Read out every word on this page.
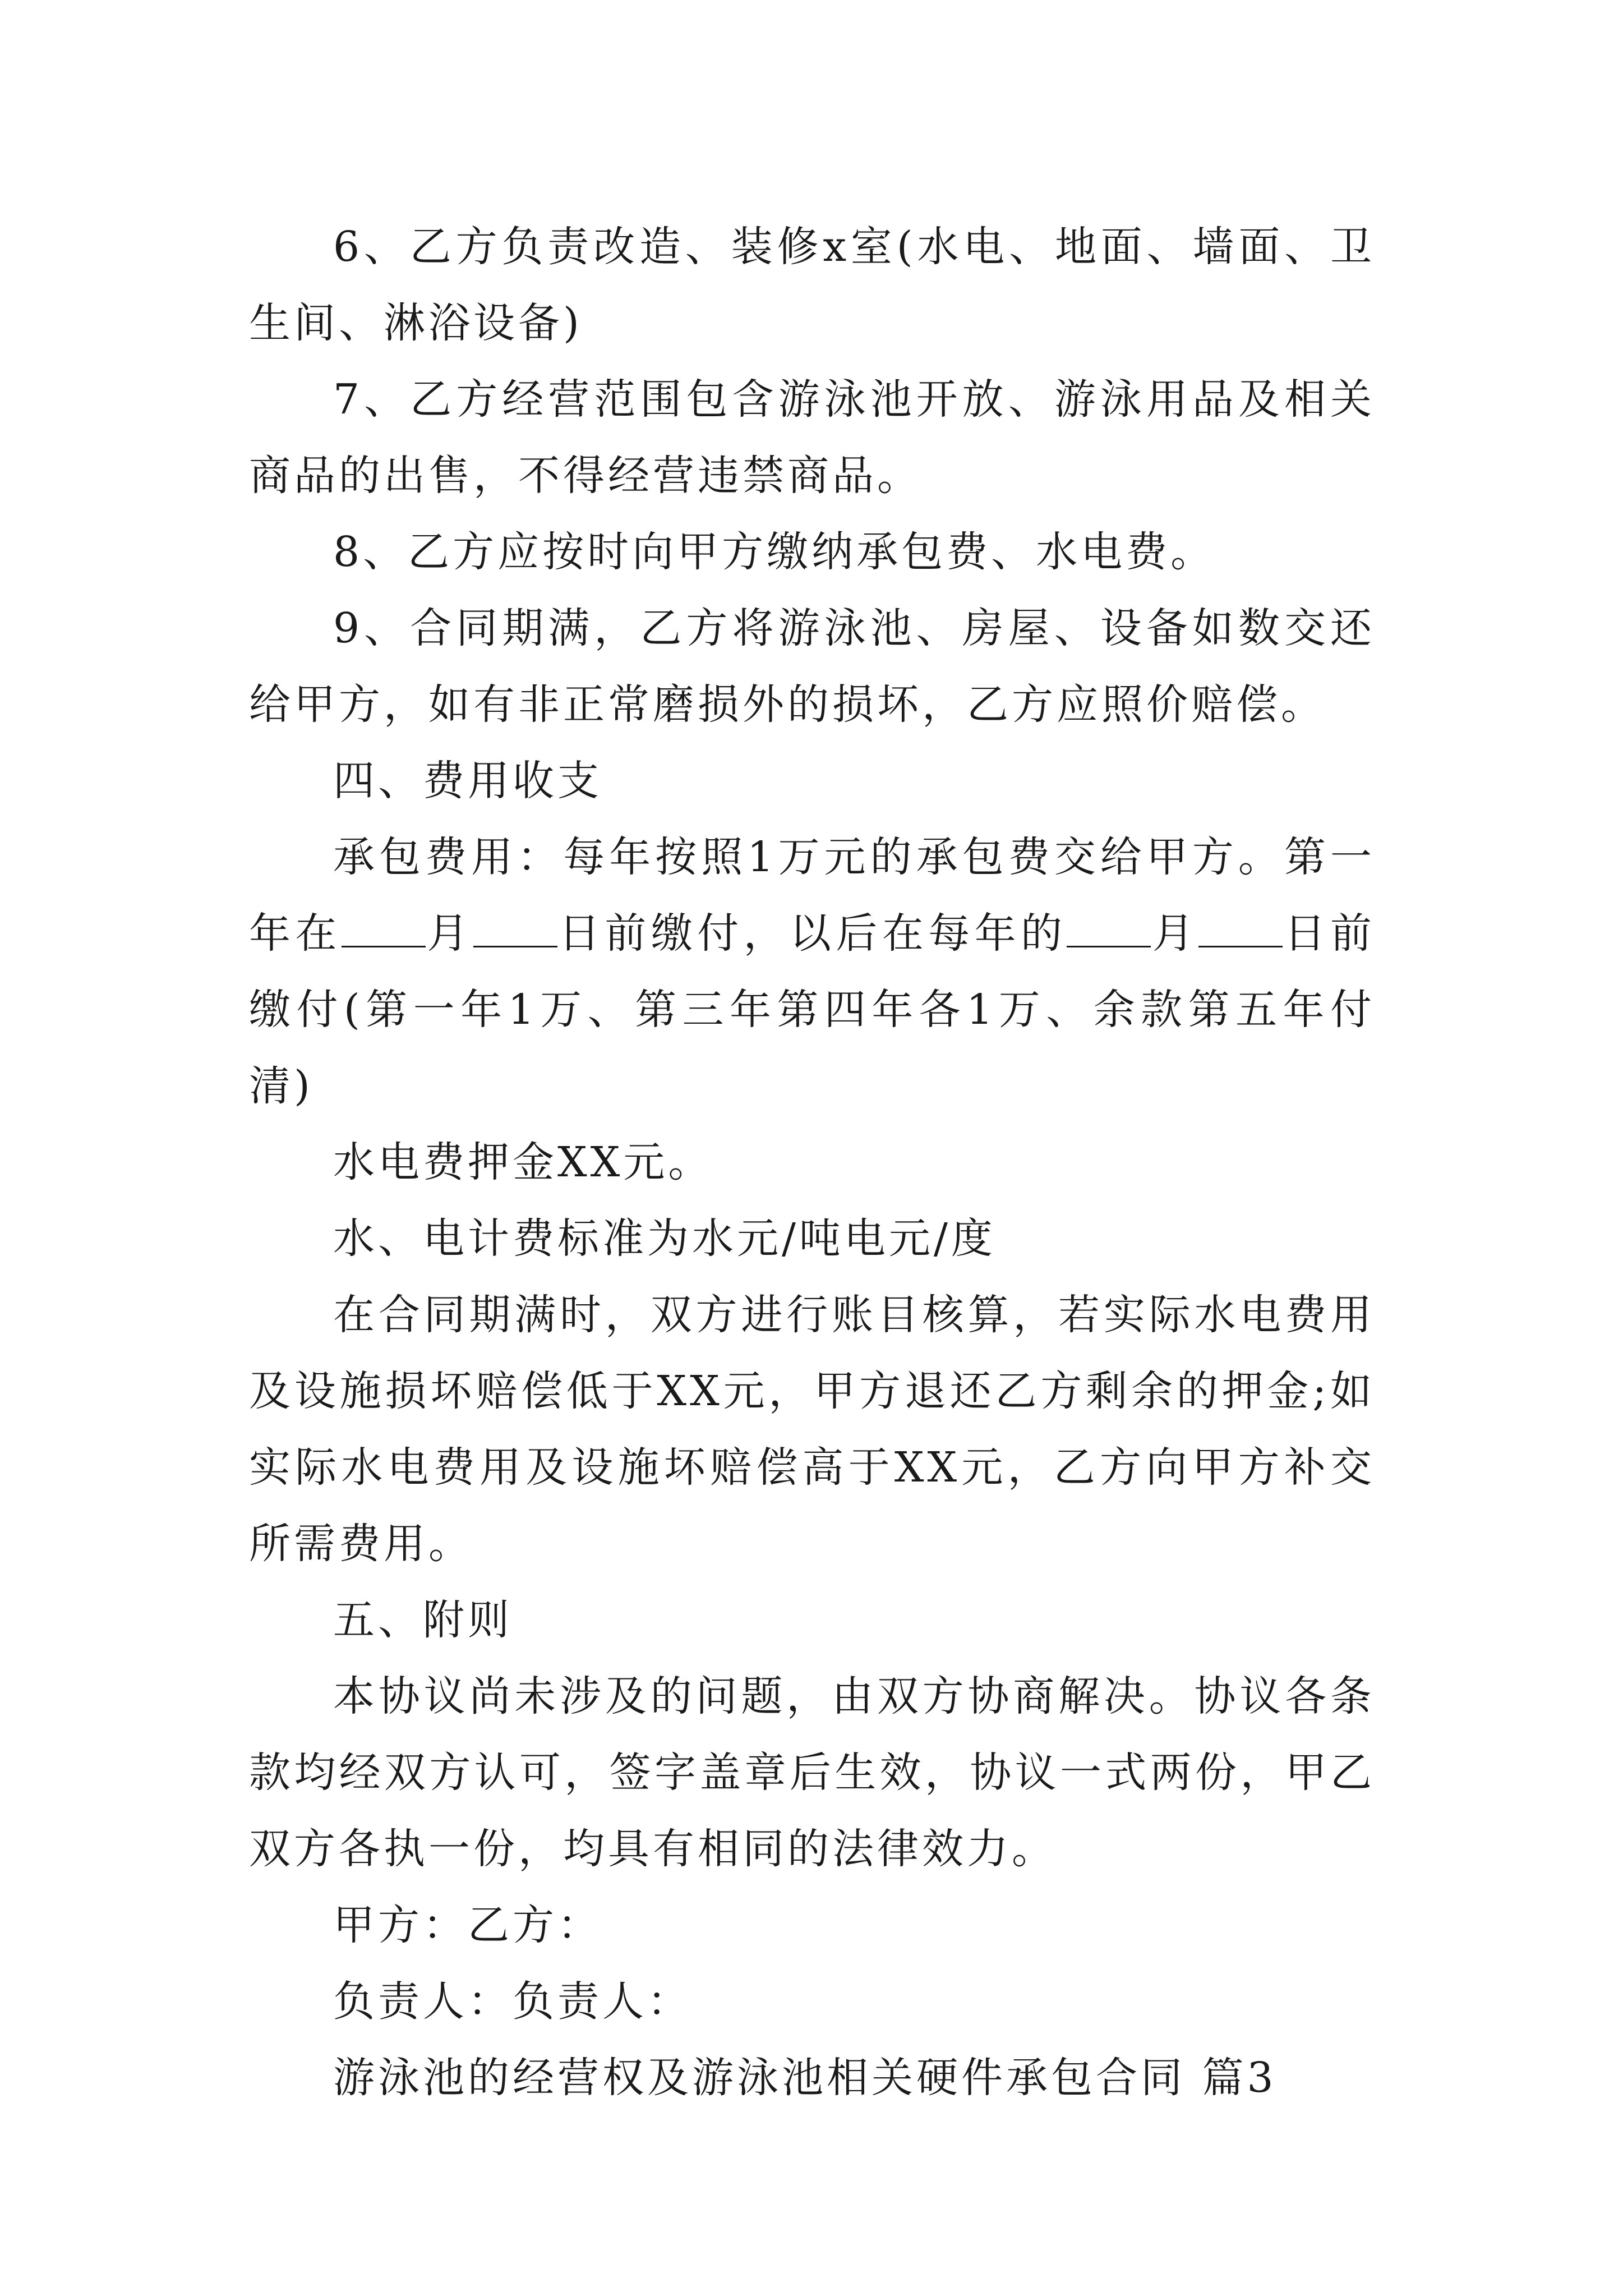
6、乙方负责改造、装修x室(水电、地面、墙面、卫生间、淋浴设备)

7、乙方经营范围包含游泳池开放、游泳用品及相关商品的出售，不得经营违禁商品。

8、乙方应按时向甲方缴纳承包费、水电费。

9、合同期满，乙方将游泳池、房屋、设备如数交还给甲方，如有非正常磨损外的损坏，乙方应照价赔偿。

四、费用收支

承包费用：每年按照1万元的承包费交给甲方。第一年在 月 日前缴付，以后在每年的 月 日前缴付(第一年1万、第三年第四年各1万、余款第五年付清)

水电费押金XX元。

水、电计费标准为水元/吨电元/度

在合同期满时，双方进行账目核算，若实际水电费用及设施损坏赔偿低于XX元，甲方退还乙方剩余的押金;如实际水电费用及设施坏赔偿高于XX元，乙方向甲方补交所需费用。

五、附则

本协议尚未涉及的问题，由双方协商解决。协议各条款均经双方认可，签字盖章后生效，协议一式两份，甲乙双方各执一份，均具有相同的法律效力。

甲方：乙方：

负责人：负责人：

游泳池的经营权及游泳池相关硬件承包合同 篇3
